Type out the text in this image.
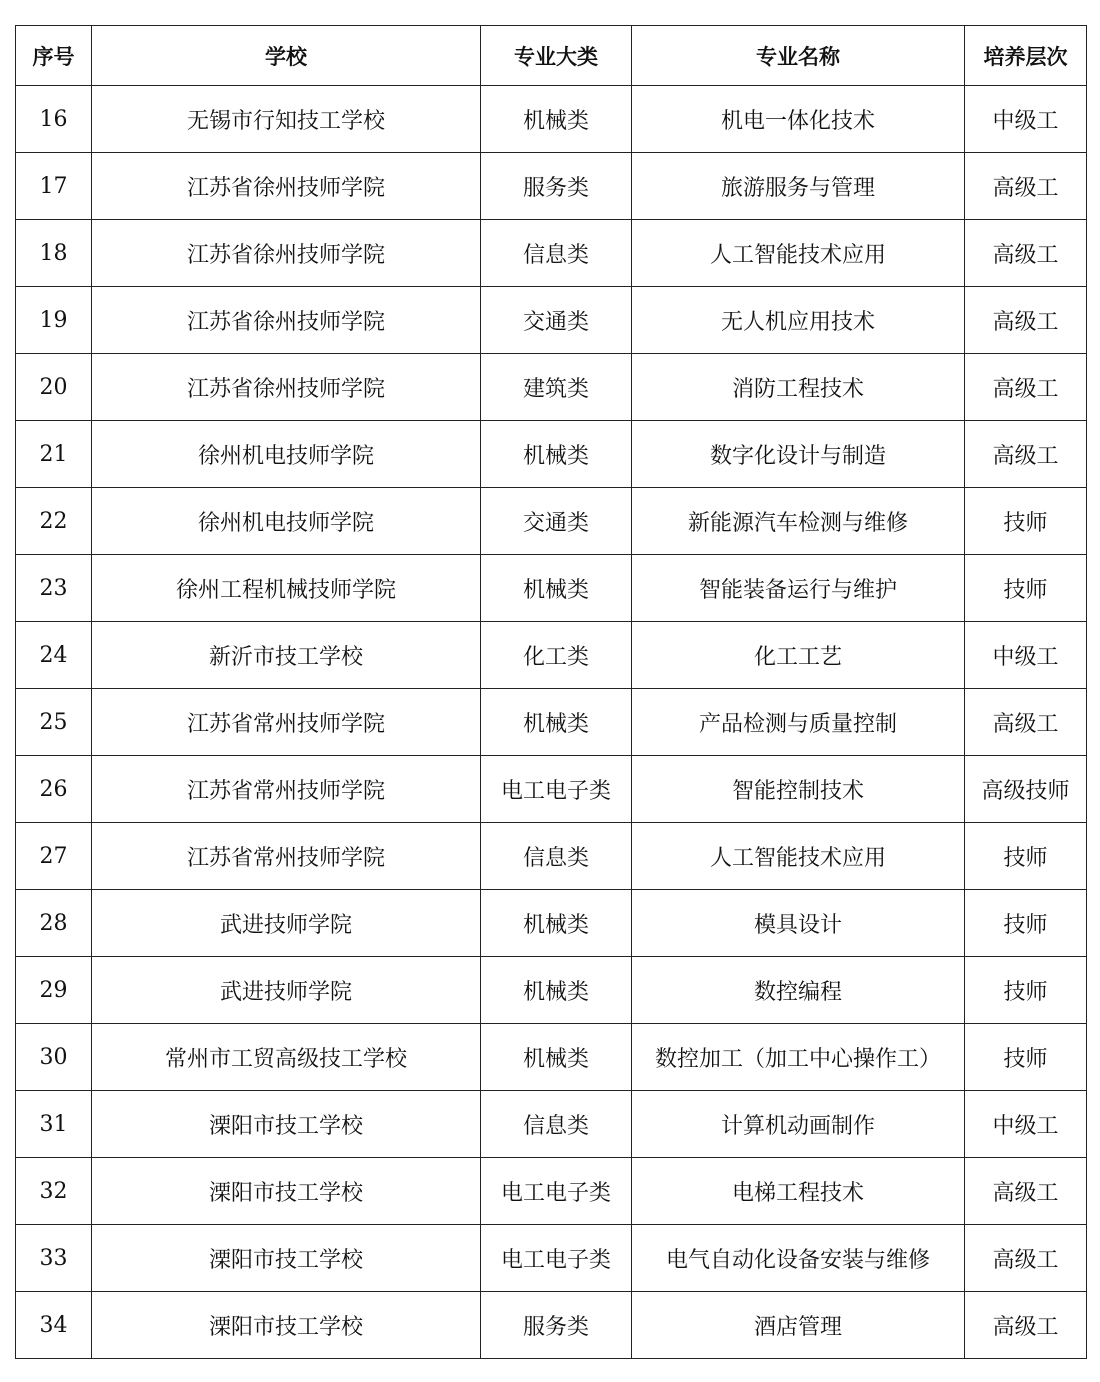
序号	学校	专业大类	专业名称	培养层次
16	无锡市行知技工学校	机械类	机电一体化技术	中级工
17	江苏省徐州技师学院	服务类	旅游服务与管理	高级工
18	江苏省徐州技师学院	信息类	人工智能技术应用	高级工
19	江苏省徐州技师学院	交通类	无人机应用技术	高级工
20	江苏省徐州技师学院	建筑类	消防工程技术	高级工
21	徐州机电技师学院	机械类	数字化设计与制造	高级工
22	徐州机电技师学院	交通类	新能源汽车检测与维修	技师
23	徐州工程机械技师学院	机械类	智能装备运行与维护	技师
24	新沂市技工学校	化工类	化工工艺	中级工
25	江苏省常州技师学院	机械类	产品检测与质量控制	高级工
26	江苏省常州技师学院	电工电子类	智能控制技术	高级技师
27	江苏省常州技师学院	信息类	人工智能技术应用	技师
28	武进技师学院	机械类	模具设计	技师
29	武进技师学院	机械类	数控编程	技师
30	常州市工贸高级技工学校	机械类	数控加工（加工中心操作工）	技师
31	溧阳市技工学校	信息类	计算机动画制作	中级工
32	溧阳市技工学校	电工电子类	电梯工程技术	高级工
33	溧阳市技工学校	电工电子类	电气自动化设备安装与维修	高级工
34	溧阳市技工学校	服务类	酒店管理	高级工
